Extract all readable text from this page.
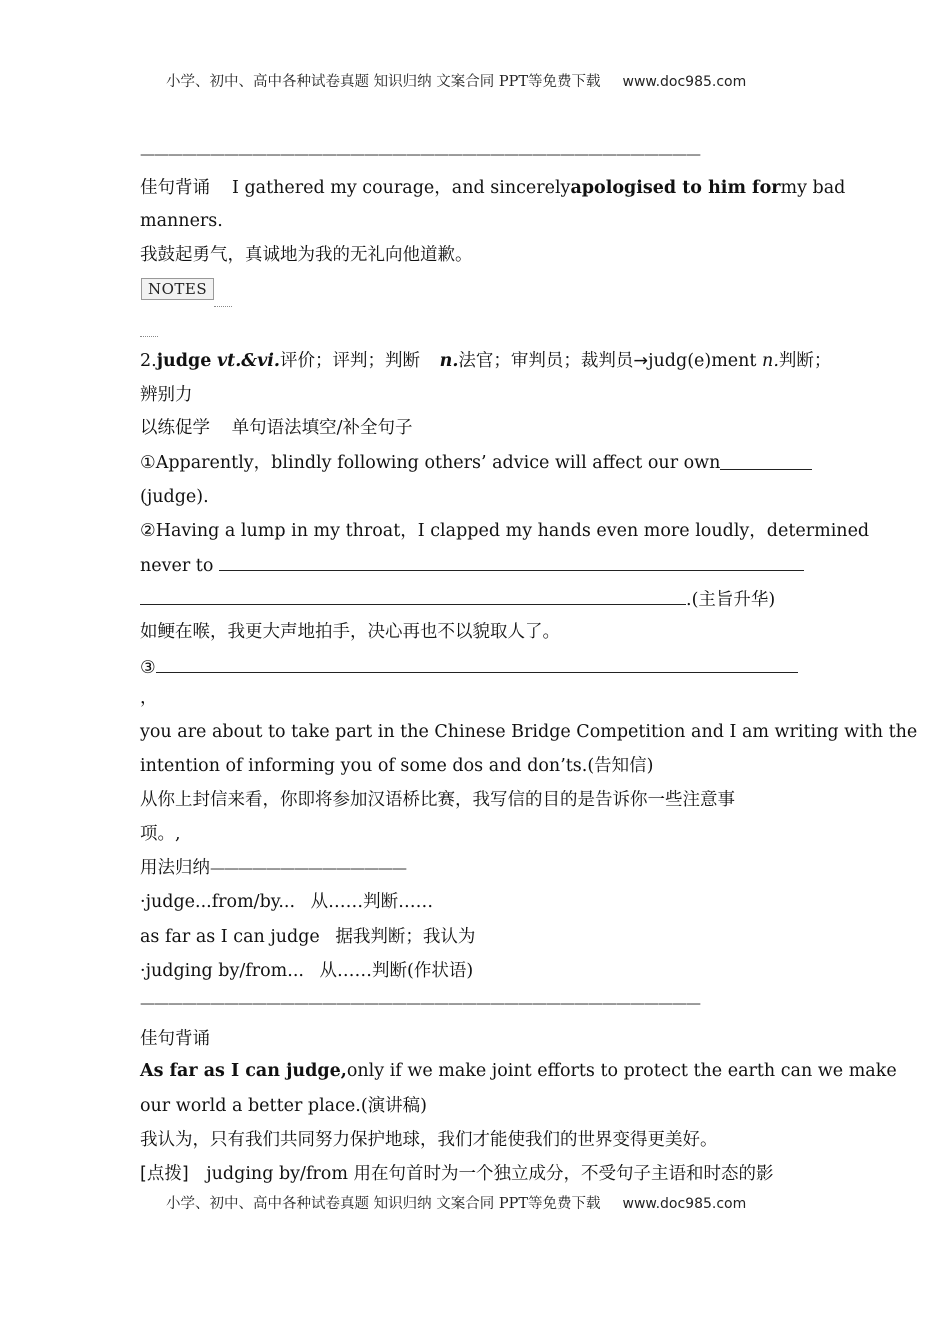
小学、初中、高中各种试卷真题 知识归纳 文案合同 PPT等免费下载 www.doc985.com
————————————————————————————————————————
佳句背诵 I gathered my courage，and sincerely apologised to him for my bad
manners.
我鼓起勇气，真诚地为我的无礼向他道歉。
NOTES
2.judge vt.&vi.评价；评判；判断 n.法官；审判员；裁判员→judg(e)ment n.判断；
辨别力
以练促学 单句语法填空/补全句子
①Apparently，blindly following others’ advice will affect our own
(judge).
②Having a lump in my throat，I clapped my hands even more loudly，determined
never to
.(主旨升华)
如鲠在喉，我更大声地拍手，决心再也不以貌取人了。
③
，
you are about to take part in the Chinese Bridge Competition and I am writing with the
intention of informing you of some dos and don’ts.(告知信)
从你上封信来看，你即将参加汉语桥比赛，我写信的目的是告诉你一些注意事
项。,
用法归纳——————————————
·judge...from/by... 从……判断……
as far as I can judge 据我判断；我认为
·judging by/from... 从……判断(作状语)
————————————————————————————————————————
佳句背诵
As far as I can judge, only if we make joint efforts to protect the earth can we make
our world a better place.(演讲稿)
我认为，只有我们共同努力保护地球，我们才能使我们的世界变得更美好。
[点拨] judging by/from 用在句首时为一个独立成分，不受句子主语和时态的影
小学、初中、高中各种试卷真题 知识归纳 文案合同 PPT等免费下载 www.doc985.com
